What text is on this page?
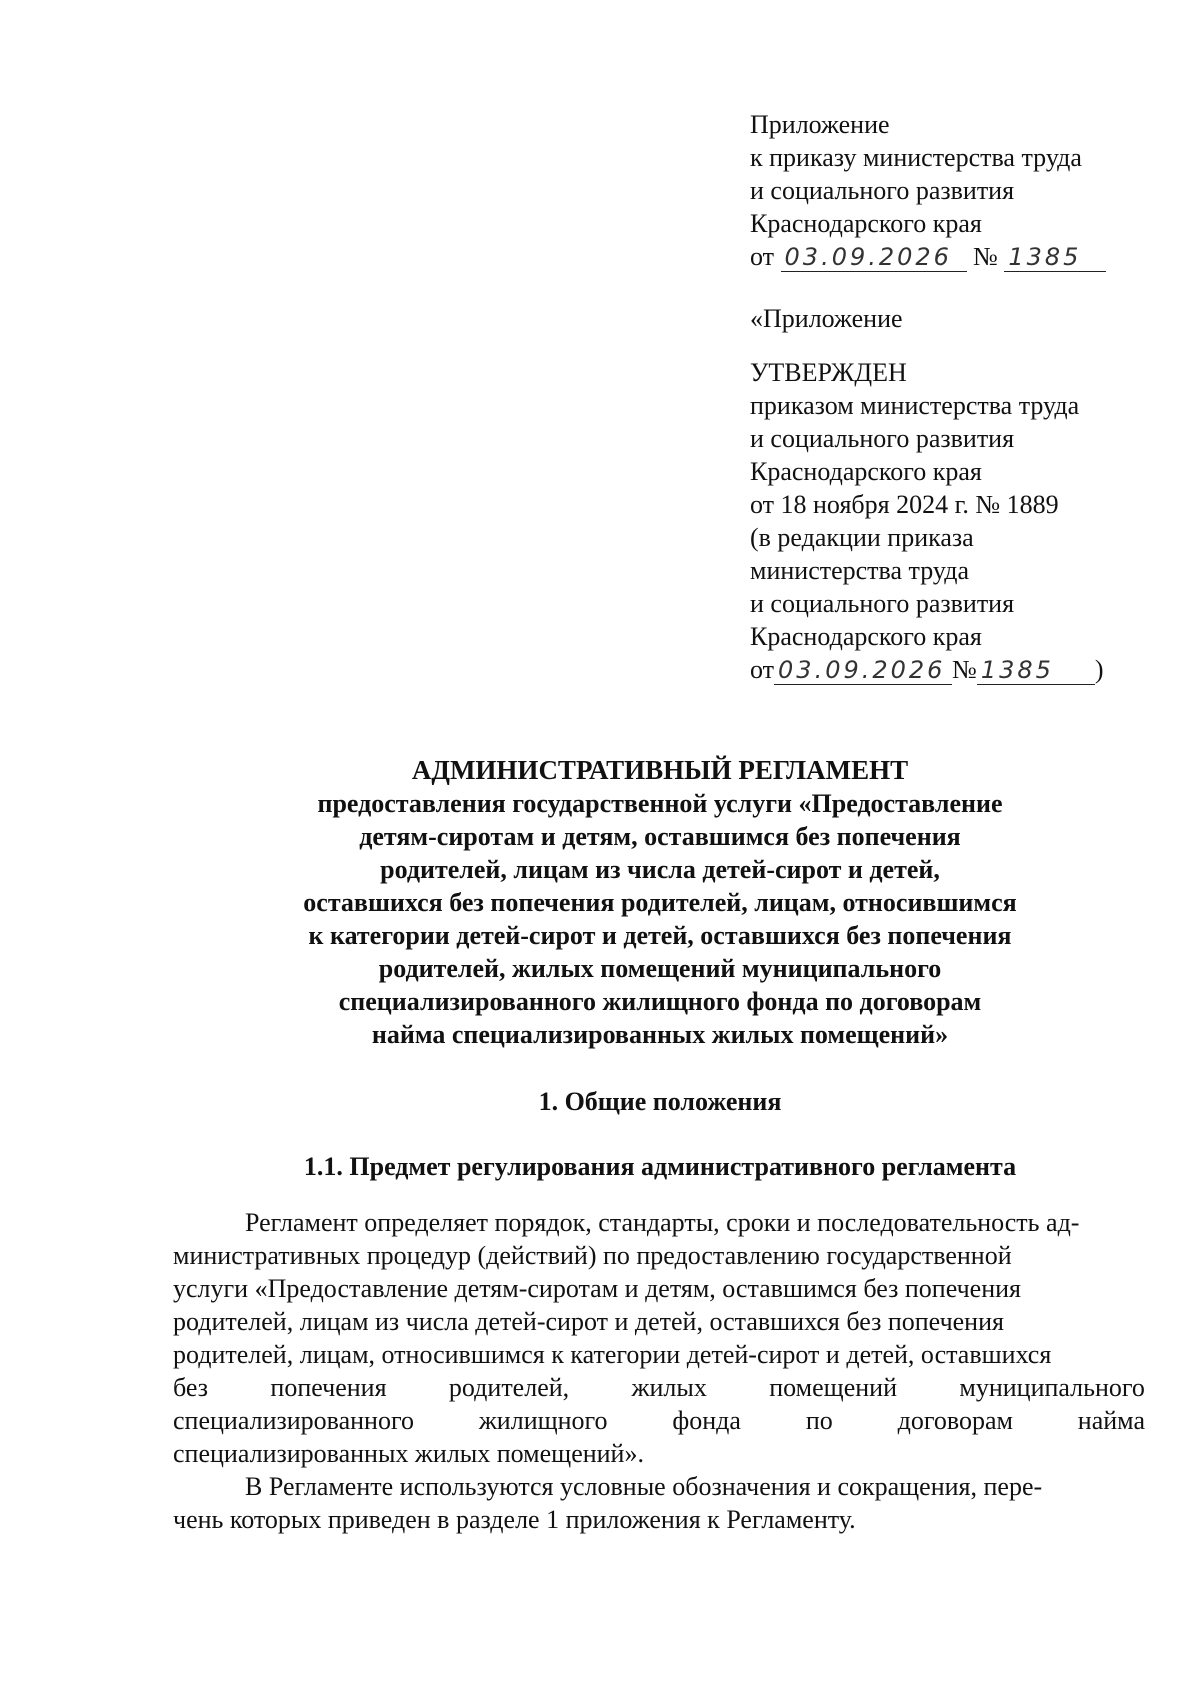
Приложение
к приказу министерства труда
и социального развития
Краснодарского края
от 03.09.2026 № 1385
«Приложение
УТВЕРЖДЕН
приказом министерства труда
и социального развития
Краснодарского края
от 18 ноября 2024 г. № 1889
(в редакции приказа
министерства труда
и социального развития
Краснодарского края
от 03.09.2026 № 1385 )
АДМИНИСТРАТИВНЫЙ РЕГЛАМЕНТ
предоставления государственной услуги «Предоставление
детям-сиротам и детям, оставшимся без попечения
родителей, лицам из числа детей-сирот и детей,
оставшихся без попечения родителей, лицам, относившимся
к категории детей-сирот и детей, оставшихся без попечения
родителей, жилых помещений муниципального
специализированного жилищного фонда по договорам
найма специализированных жилых помещений»
1. Общие положения
1.1. Предмет регулирования административного регламента
Регламент определяет порядок, стандарты, сроки и последовательность ад-
министративных процедур (действий) по предоставлению государственной
услуги «Предоставление детям-сиротам и детям, оставшимся без попечения
родителей, лицам из числа детей-сирот и детей, оставшихся без попечения
родителей, лицам, относившимся к категории детей-сирот и детей, оставшихся
без попечения родителей, жилых помещений муниципального
специализированного жилищного фонда по договорам найма
специализированных жилых помещений».
В Регламенте используются условные обозначения и сокращения, пере-
чень которых приведен в разделе 1 приложения к Регламенту.
